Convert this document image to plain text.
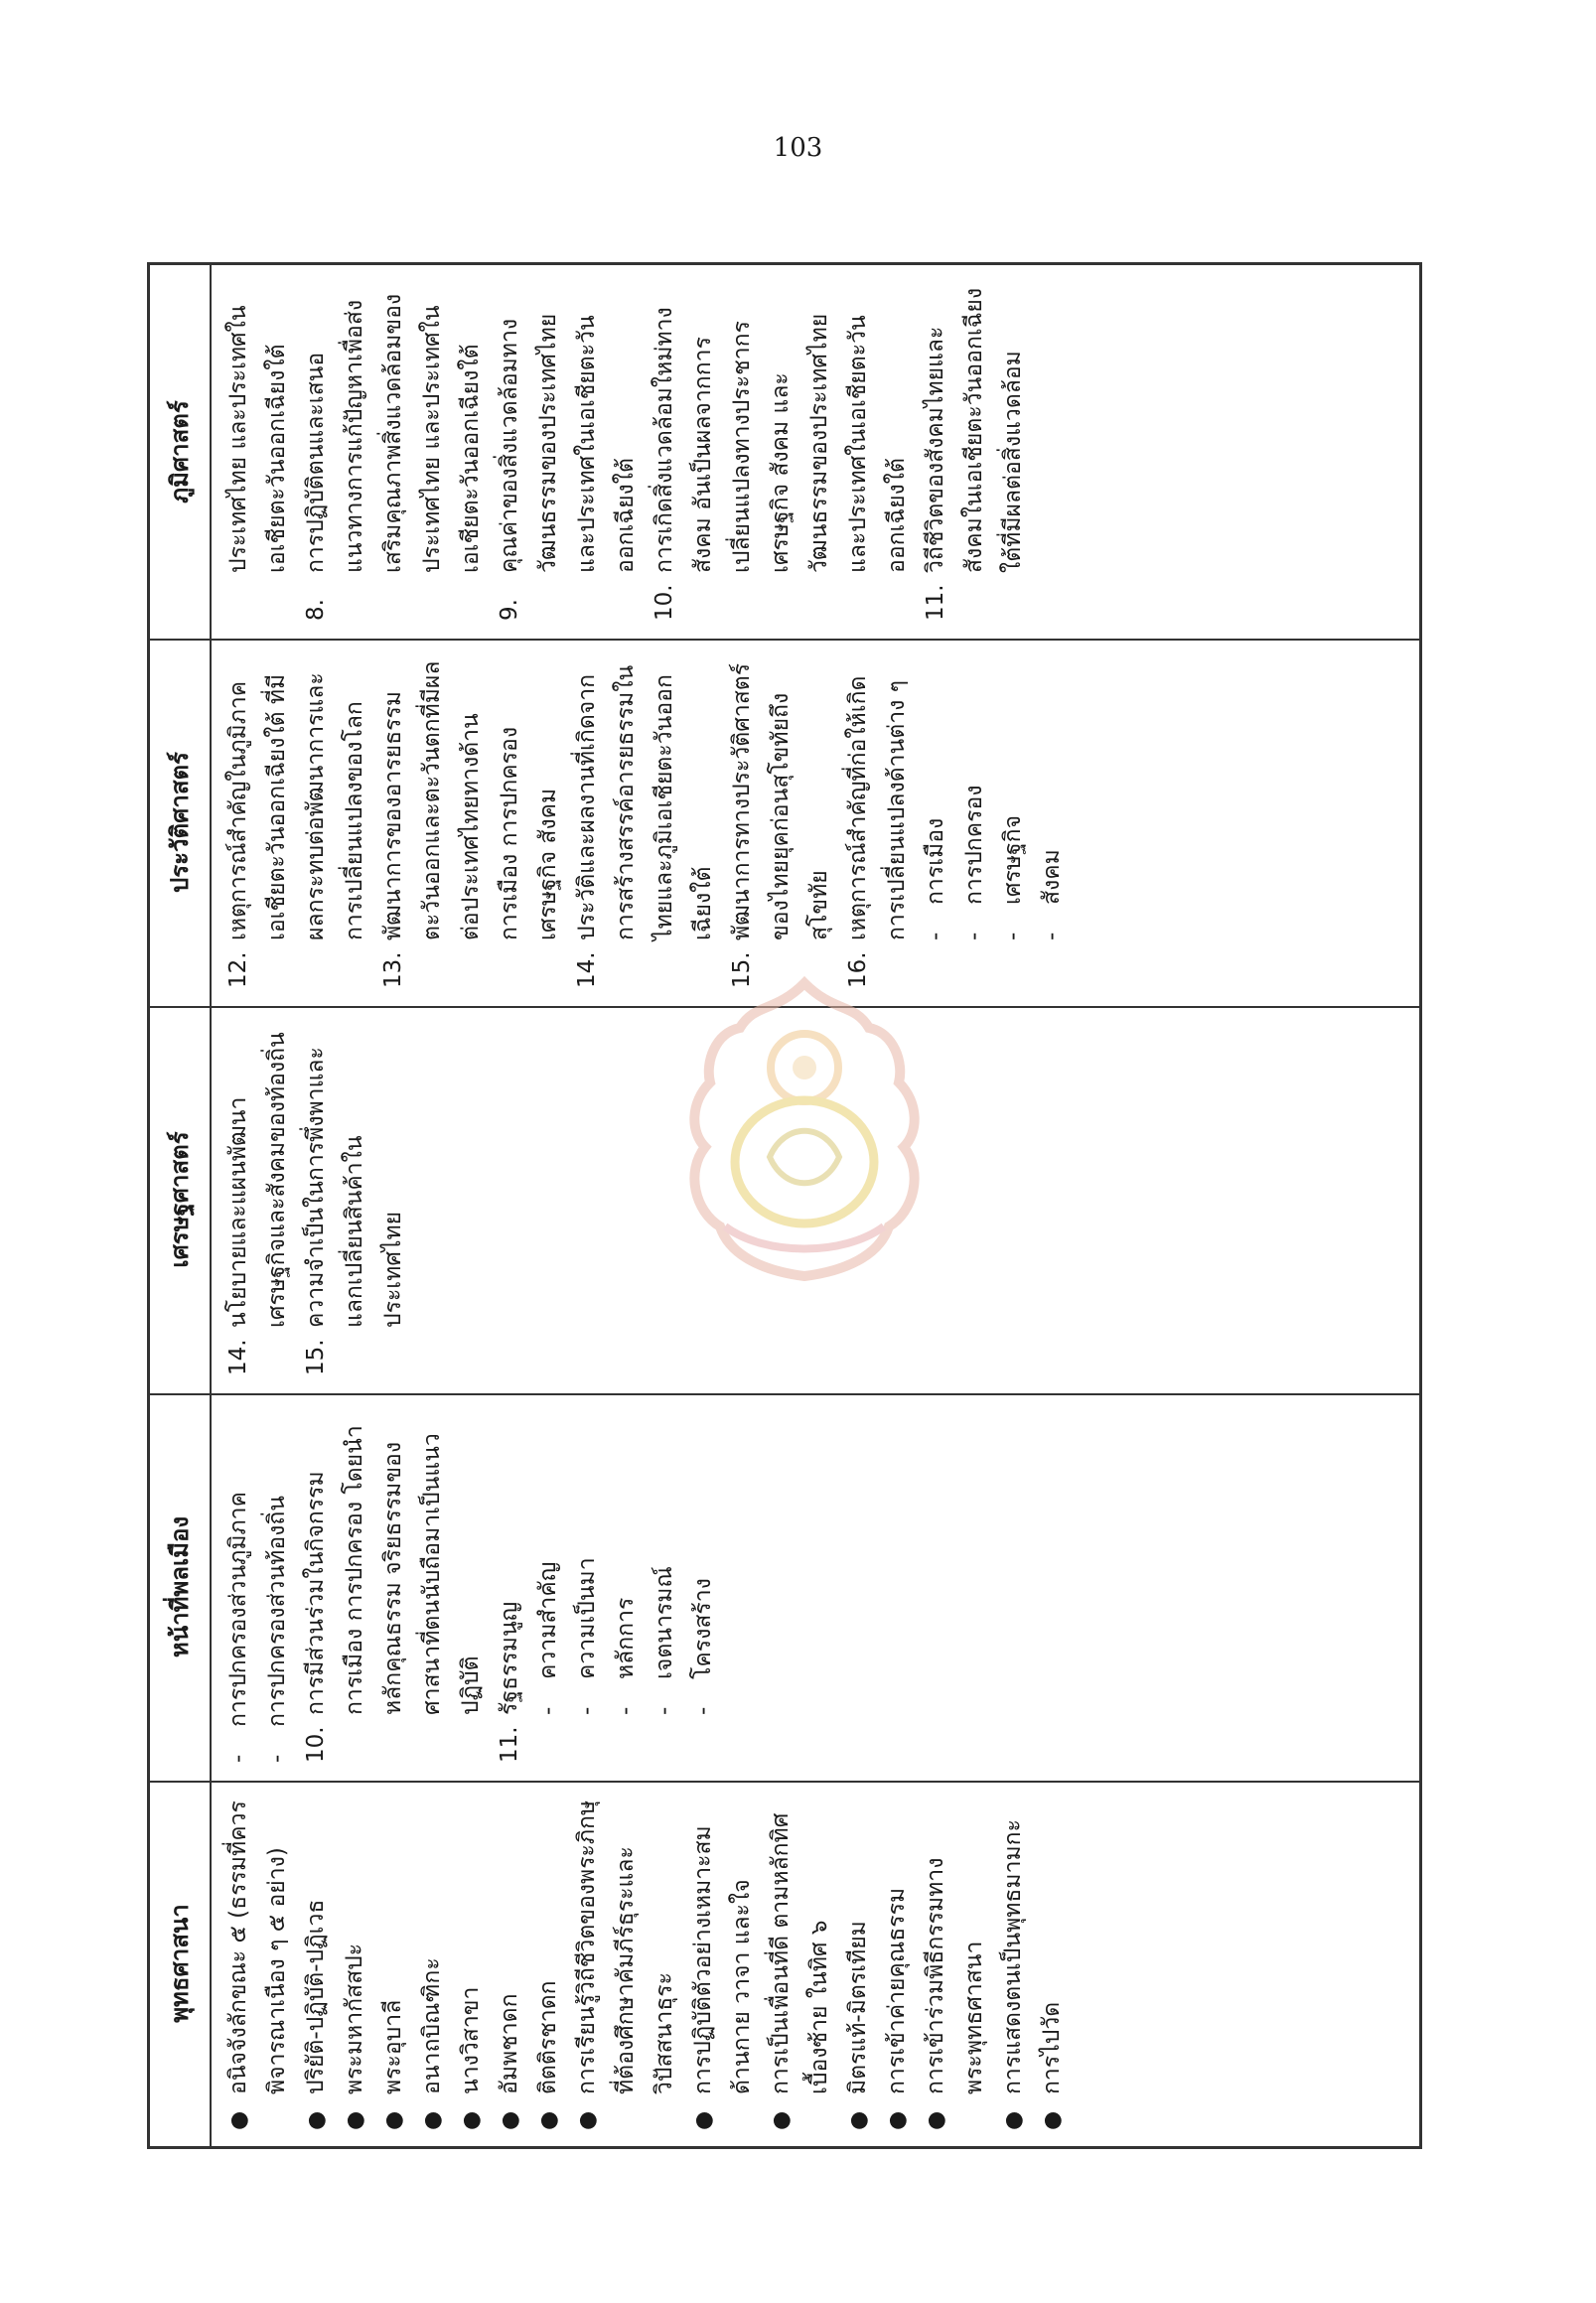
103
พุทธศาสนา
หน้าที่พลเมือง
เศรษฐศาสตร์
ประวัติศาสตร์
ภูมิศาสตร์
●
อนิจจังลักขณะ ๕ (ธรรมที่ควรพิจารณาเนือง ๆ ๕ อย่าง)
●
ปริยัติ-ปฏิบัติ-ปฏิเวธ
●
พระมหากัสสปะ
●
พระอุบาลี
●
อนาถบิณฑิกะ
●
นางวิสาขา
●
อัมพชาดก
●
ติตติรชาดก
●
การเรียนรู้วิถีชีวิตของพระภิกษุที่ต้องศึกษาคัมภีร์ธุระและวิปัสสนาธุระ
●
การปฏิบัติตัวอย่างเหมาะสมด้านกาย วาจา และใจ
●
การเป็นเพื่อนที่ดี ตามหลักทิศเบื้องซ้าย ในทิศ ๖
●
มิตรแท้-มิตรเทียม
●
การเข้าค่ายคุณธรรม
●
การเข้าร่วมพิธีกรรมทางพระพุทธศาสนา
●
การแสดงตนเป็นพุทธมามกะ
●
การไปวัด
-
การปกครองส่วนภูมิภาค
-
การปกครองส่วนท้องถิ่น
10.
การมีส่วนร่วมในกิจกรรมการเมือง การปกครอง โดยนำหลักคุณธรรม จริยธรรมของศาสนาที่ตนนับถือมาเป็นแนวปฏิบัติ
11.
รัฐธรรมนูญ -
ความสำคัญ
-
ความเป็นมา
-
หลักการ
-
เจตนารมณ์
-
โครงสร้าง
14.
นโยบายและแผนพัฒนาเศรษฐกิจและสังคมของท้องถิ่น
15.
ความจำเป็นในการพึ่งพาและแลกเปลี่ยนสินค้าในประเทศไทย
12.
เหตุการณ์สำคัญในภูมิภาคเอเชียตะวันออกเฉียงใต้ ที่มีผลกระทบต่อพัฒนาการและการเปลี่ยนแปลงของโลก
13.
พัฒนาการของอารยธรรมตะวันออกและตะวันตกที่มีผลต่อประเทศไทยทางด้านการเมือง การปกครอง เศรษฐกิจ สังคม
14.
ประวัติและผลงานที่เกิดจากการสร้างสรรค์อารยธรรมในไทยและภูมิเอเชียตะวันออกเฉียงใต้
15.
พัฒนาการทางประวัติศาสตร์ของไทยยุคก่อนสุโขทัยถึงสุโขทัย
16.
เหตุการณ์สำคัญที่ก่อให้เกิดการเปลี่ยนแปลงด้านต่าง ๆ -
การเมือง
-
การปกครอง
-
เศรษฐกิจ
-
สังคม
ประเทศไทย และประเทศในเอเชียตะวันออกเฉียงใต้
8.
การปฏิบัติตนและเสนอแนวทางการแก้ปัญหาเพื่อส่งเสริมคุณภาพสิ่งแวดล้อมของประเทศไทย และประเทศในเอเชียตะวันออกเฉียงใต้
9.
คุณค่าของสิ่งแวดล้อมทางวัฒนธรรมของประเทศไทยและประเทศในเอเชียตะวันออกเฉียงใต้
10.
การเกิดสิ่งแวดล้อมใหม่ทางสังคม อันเป็นผลจากการเปลี่ยนแปลงทางประชากร เศรษฐกิจ สังคม และวัฒนธรรมของประเทศไทยและประเทศในเอเชียตะวันออกเฉียงใต้
11.
วิถีชีวิตของสังคมไทยและสังคมในเอเชียตะวันออกเฉียงใต้ที่มีผลต่อสิ่งแวดล้อม
